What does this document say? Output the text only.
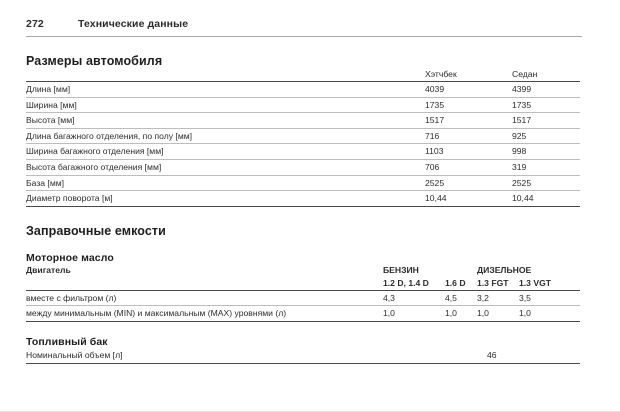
272	Технические данные
Размеры автомобиля
	Хэтчбек	Седан
Длина [мм]	4039	4399
Ширина [мм]	1735	1735
Высота [мм]	1517	1517
Длина багажного отделения, по полу [мм]	716	925
Ширина багажного отделения [мм]	1103	998
Высота багажного отделения [мм]	706	319
База [мм]	2525	2525
Диаметр поворота [м]	10,44	10,44
Заправочные емкости
Моторное масло
Двигатель	БЕНЗИН		ДИЗЕЛЬНОЕ	
	1.2 D, 1.4 D	1.6 D	1.3 FGT	1.3 VGT
вместе с фильтром (л)	4,3	4,5	3,2	3,5
между минимальным (MIN) и максимальным (MAX) уровнями (л)	1,0	1,0	1,0	1,0
Топливный бак
Номинальный объем [л]	46
